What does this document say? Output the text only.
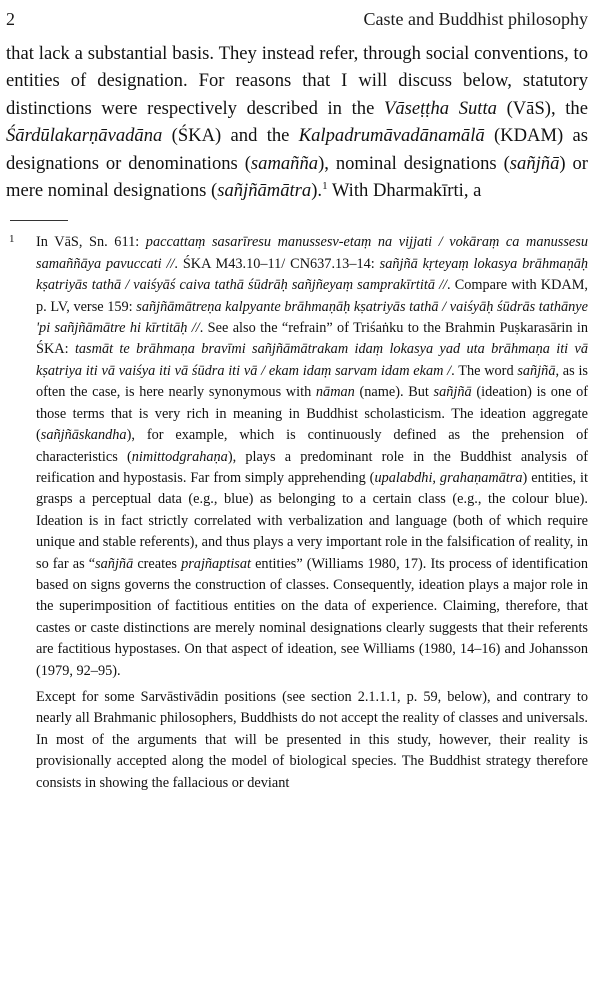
2	Caste and Buddhist philosophy

that lack a substantial basis. They instead refer, through social conventions, to entities of designation. For reasons that I will discuss below, statutory distinctions were respectively described in the Vāseṭṭha Sutta (VāS), the Śārdūlakarṇāvadāna (ŚKA) and the Kalpadrumāvadānamālā (KDAM) as designations or denominations (samañña), nominal designations (sañjñā) or mere nominal designations (sañjñāmātra).$^1$ With Dharmakīrti, a

1	In VāS, Sn. 611: paccattaṃ sasarīresu manussesv-etaṃ na vijjati / vokāraṃ ca manussesu samaññāya pavuccati //. ŚKA M43.10–11/ CN637.13–14: sañjñā kṛteyaṃ lokasya brāhmaṇāḥ kṣatriyās tathā / vaiśyāś caiva tathā śūdrāḥ sañjñeyaṃ samprakīrtitā //. Compare with KDAM, p. LV, verse 159: sañjñāmātreṇa kalpyante brāhmaṇāḥ kṣatriyās tathā / vaiśyāḥ śūdrās tathānye 'pi sañjñāmātre hi kīrtitāḥ //. See also the “refrain” of Triśaṅku to the Brahmin Puṣkarasārin in ŚKA: tasmāt te brāhmaṇa bravīmi sañjñāmātrakam idaṃ lokasya yad uta brāhmaṇa iti vā kṣatriya iti vā vaiśya iti vā śūdra iti vā / ekam idaṃ sarvam idam ekam /. The word sañjñā, as is often the case, is here nearly synonymous with nāman (name). But sañjñā (ideation) is one of those terms that is very rich in meaning in Buddhist scholasticism. The ideation aggregate (sañjñāskandha), for example, which is continuously defined as the prehension of characteristics (nimittodgrahaṇa), plays a predominant role in the Buddhist analysis of reification and hypostasis. Far from simply apprehending (upalabdhi, grahaṇamātra) entities, it grasps a perceptual data (e.g., blue) as belonging to a certain class (e.g., the colour blue). Ideation is in fact strictly correlated with verbalization and language (both of which require unique and stable referents), and thus plays a very important role in the falsification of reality, in so far as “sañjñā creates prajñaptisat entities” (Williams 1980, 17). Its process of identification based on signs governs the construction of classes. Consequently, ideation plays a major role in the superimposition of factitious entities on the data of experience. Claiming, therefore, that castes or caste distinctions are merely nominal designations clearly suggests that their referents are factitious hypostases. On that aspect of ideation, see Williams (1980, 14–16) and Johansson (1979, 92–95).

Except for some Sarvāstivādin positions (see section 2.1.1.1, p. 59, below), and contrary to nearly all Brahmanic philosophers, Buddhists do not accept the reality of classes and universals. In most of the arguments that will be presented in this study, however, their reality is provisionally accepted along the model of biological species. The Buddhist strategy therefore consists in showing the fallacious or deviant
